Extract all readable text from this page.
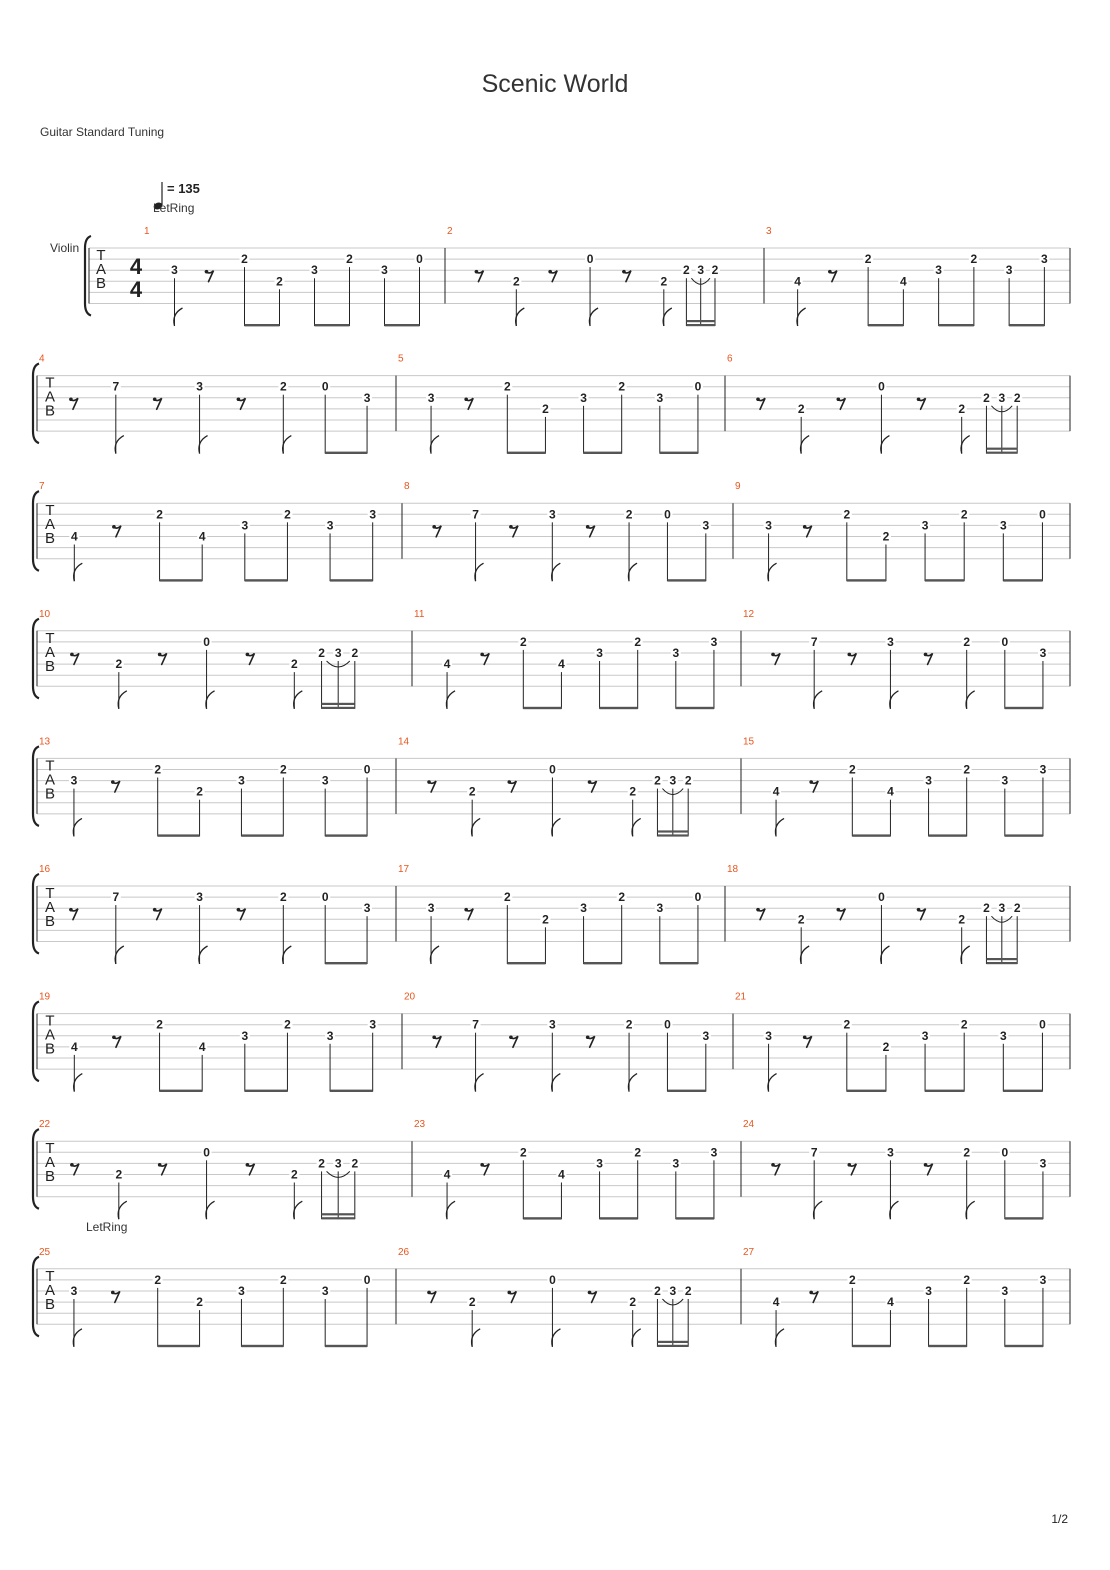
Scenic World
Guitar Standard Tuning
T
A
B
3
2
2
3
2
3
0
1
2
0
2
2 3 2
2
4
2
4
3
2
3
3
3
Violin
4
4
= 135
LetRing
T
A
B
7	3	2	0
3
4
3
2
2
3
2
3
0
5
2
0
2
2 3 2
6
T
A
B 4
2
4
3
2
3
3
7
7	3	2	0
3
8
3
2
2
3
2
3
0
9
T
A
B	2
0
2
2 3 2
10
4
2
4
3
2
3
3
11
7	3	2	0
3
12
T
A
B
3
2
2
3
2
3
0
13
2
0
2
2 3 2
14
4
2
4
3
2
3
3
15
T
A
B
7	3	2	0
3
16
3
2
2
3
2
3
0
17
2
0
2
2 3 2
18
T
A
B 4
2
4
3
2
3
3
19
7	3	2	0
3
20
3
2
2
3
2
3
0
21
T
A
B	2
0
2
2 3 2
22
4
2
4
3
2
3
3
23
7	3	2	0
3
24
T
A
B
3
2
2
3
2
3
0
25
2
0
2
2 3 2
26
4
2
4
3
2
3
3
27
LetRing
1/2
